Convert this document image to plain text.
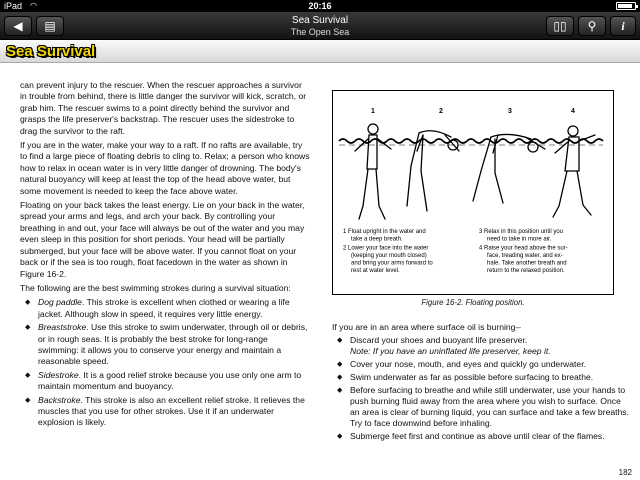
iPad ◠	20:16
◀	▤	Sea Survival
The Open Sea	▯▯	⚲	i
Sea Survival

can prevent injury to the rescuer. When the rescuer approaches a survivor in trouble from behind, there is little danger the survivor will kick, scratch, or grab him. The rescuer swims to a point directly behind the survivor and grasps the life preserver's backstrap. The rescuer uses the sidestroke to drag the survivor to the raft.

If you are in the water, make your way to a raft. If no rafts are available, try to find a large piece of floating debris to cling to. Relax; a person who knows how to relax in ocean water is in very little danger of drowning. The body's natural buoyancy will keep at least the top of the head above water, but some movement is needed to keep the face above water.

Floating on your back takes the least energy. Lie on your back in the water, spread your arms and legs, and arch your back. By controlling your breathing in and out, your face will always be out of the water and you may even sleep in this position for short periods. Your head will be partially submerged, but your face will be above water. If you cannot float on your back or if the sea is too rough, float facedown in the water as shown in Figure 16-2.

The following are the best swimming strokes during a survival situation:

◆ Dog paddle. This stroke is excellent when clothed or wearing a life jacket. Although slow in speed, it requires very little energy.
◆ Breaststroke. Use this stroke to swim underwater, through oil or debris, or in rough seas. It is probably the best stroke for long-range swimming: it allows you to conserve your energy and maintain a reasonable speed.
◆ Sidestroke. It is a good relief stroke because you use only one arm to maintain momentum and buoyancy.
◆ Backstroke. This stroke is also an excellent relief stroke. It relieves the muscles that you use for other strokes. Use it if an underwater explosion is likely.
1	2	3	4
1 Float upright in the water and take a deep breath. 2 Lower your face into the water (keeping your mouth closed) and bring your arms forward to rest at water level.
3 Relax in this position until you need to take in more air. 4 Raise your head above the sur- face, treading water, and ex- hale. Take another breath and return to the relaxed position.
Figure 16-2. Floating position.

If you are in an area where surface oil is burning--

◆ Discard your shoes and buoyant life preserver.
Note: If you have an uninflated life preserver, keep it.
◆ Cover your nose, mouth, and eyes and quickly go underwater.
◆ Swim underwater as far as possible before surfacing to breathe.
◆ Before surfacing to breathe and while still underwater, use your hands to push burning fluid away from the area where you wish to surface. Once an area is clear of burning liquid, you can surface and take a few breaths. Try to face downwind before inhaling.
◆ Submerge feet first and continue as above until clear of the flames.
182
